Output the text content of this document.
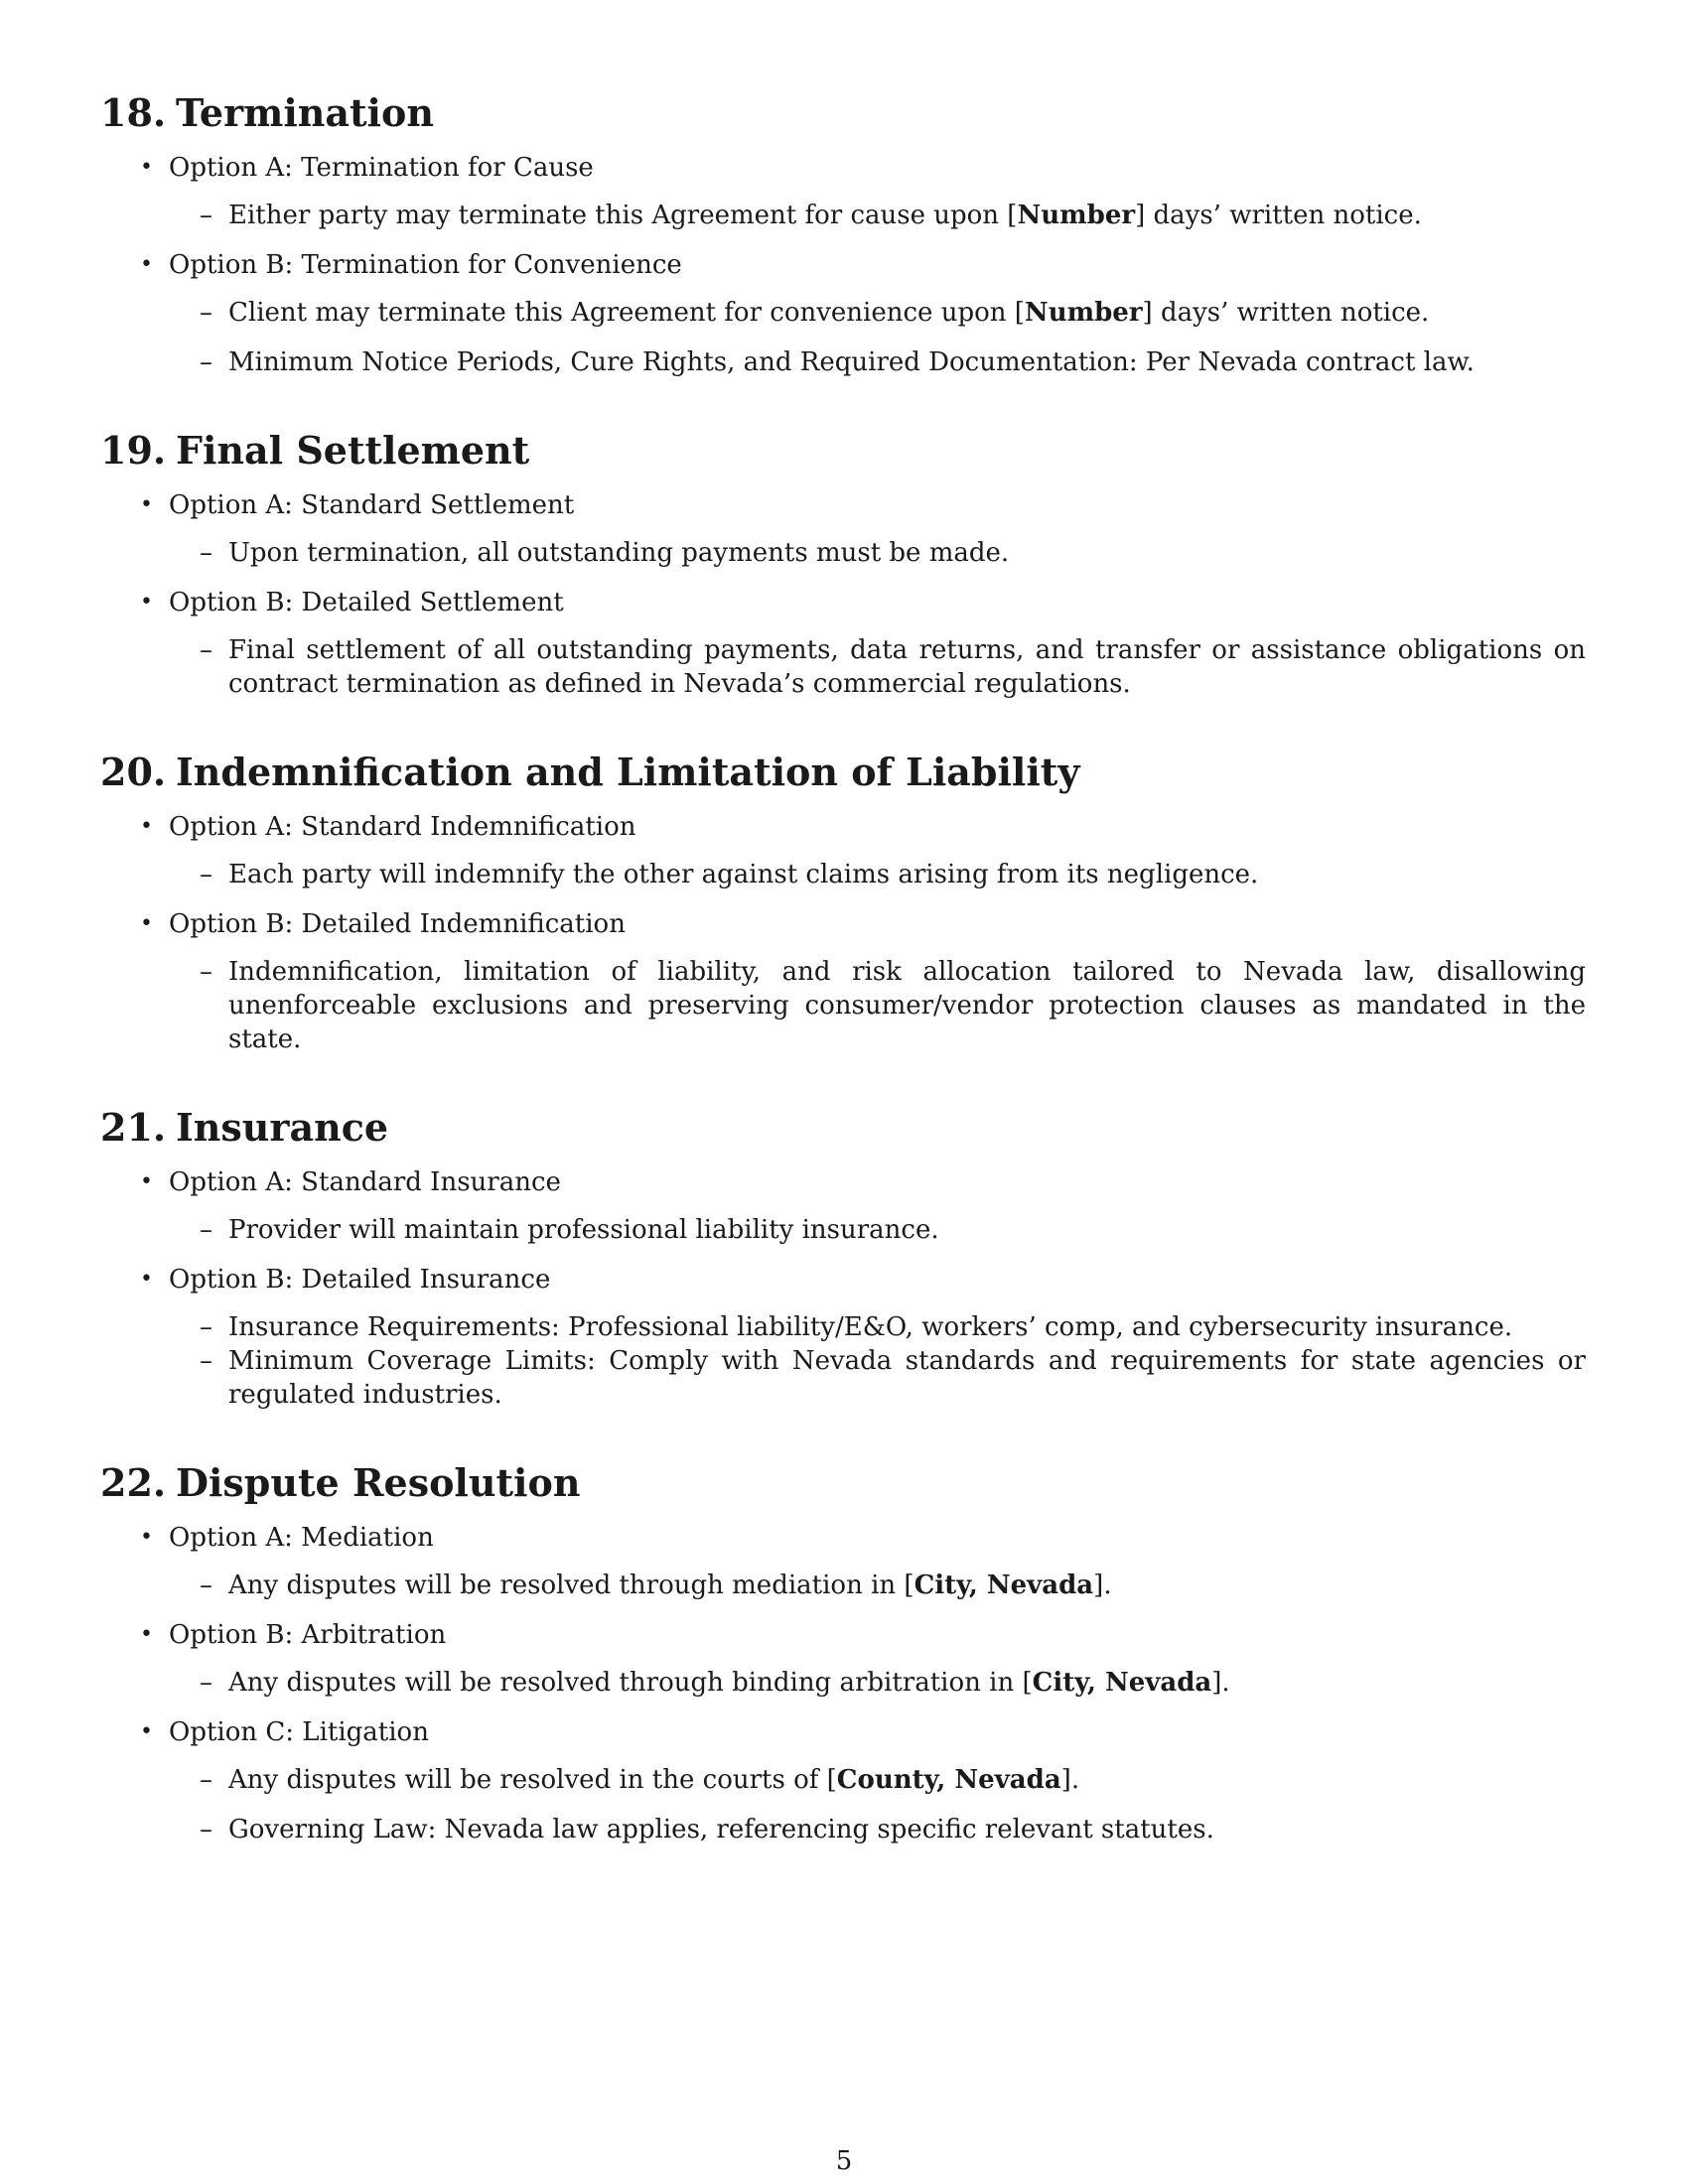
18. Termination
• Option A: Termination for Cause
– Either party may terminate this Agreement for cause upon [Number] days’ written notice.
• Option B: Termination for Convenience
– Client may terminate this Agreement for convenience upon [Number] days’ written notice.
– Minimum Notice Periods, Cure Rights, and Required Documentation: Per Nevada contract law.
19. Final Settlement
• Option A: Standard Settlement
– Upon termination, all outstanding payments must be made.
• Option B: Detailed Settlement
– Final settlement of all outstanding payments, data returns, and transfer or assistance obligations on contract termination as defined in Nevada’s commercial regulations.
20. Indemnification and Limitation of Liability
• Option A: Standard Indemnification
– Each party will indemnify the other against claims arising from its negligence.
• Option B: Detailed Indemnification
– Indemnification, limitation of liability, and risk allocation tailored to Nevada law, disallowing unenforceable exclusions and preserving consumer/vendor protection clauses as mandated in the state.
21. Insurance
• Option A: Standard Insurance
– Provider will maintain professional liability insurance.
• Option B: Detailed Insurance
– Insurance Requirements: Professional liability/E&O, workers’ comp, and cybersecurity insurance.
– Minimum Coverage Limits: Comply with Nevada standards and requirements for state agencies or regulated industries.
22. Dispute Resolution
• Option A: Mediation
– Any disputes will be resolved through mediation in [City, Nevada].
• Option B: Arbitration
– Any disputes will be resolved through binding arbitration in [City, Nevada].
• Option C: Litigation
– Any disputes will be resolved in the courts of [County, Nevada].
– Governing Law: Nevada law applies, referencing specific relevant statutes.
5
